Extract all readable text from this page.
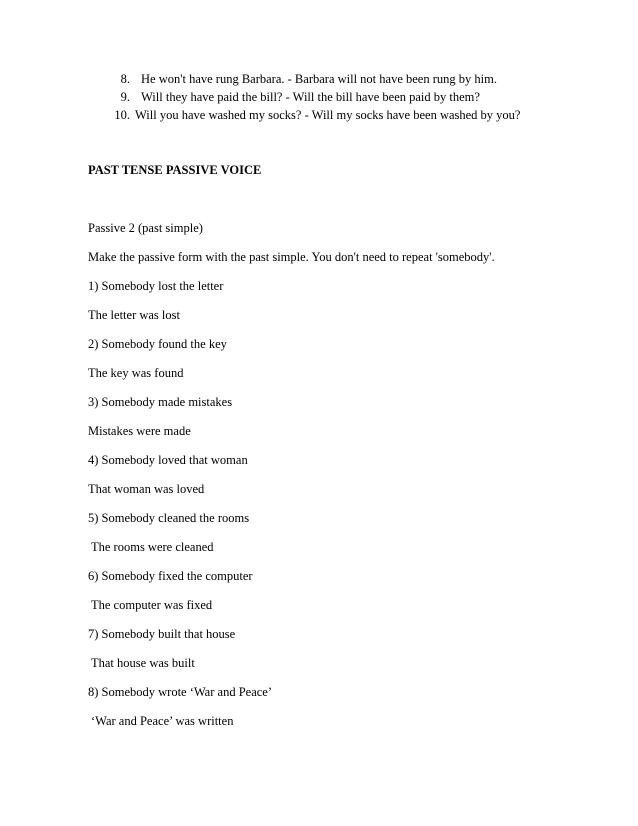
8. He won't have rung Barbara. - Barbara will not have been rung by him.
9. Will they have paid the bill? - Will the bill have been paid by them?
10. Will you have washed my socks? - Will my socks have been washed by you?
PAST TENSE PASSIVE VOICE
Passive 2 (past simple)
Make the passive form with the past simple. You don't need to repeat 'somebody'.
1) Somebody lost the letter
The letter was lost
2) Somebody found the key
The key was found
3) Somebody made mistakes
Mistakes were made
4) Somebody loved that woman
That woman was loved
5) Somebody cleaned the rooms
The rooms were cleaned
6) Somebody fixed the computer
The computer was fixed
7) Somebody built that house
That house was built
8) Somebody wrote ‘War and Peace’
‘War and Peace’ was written
